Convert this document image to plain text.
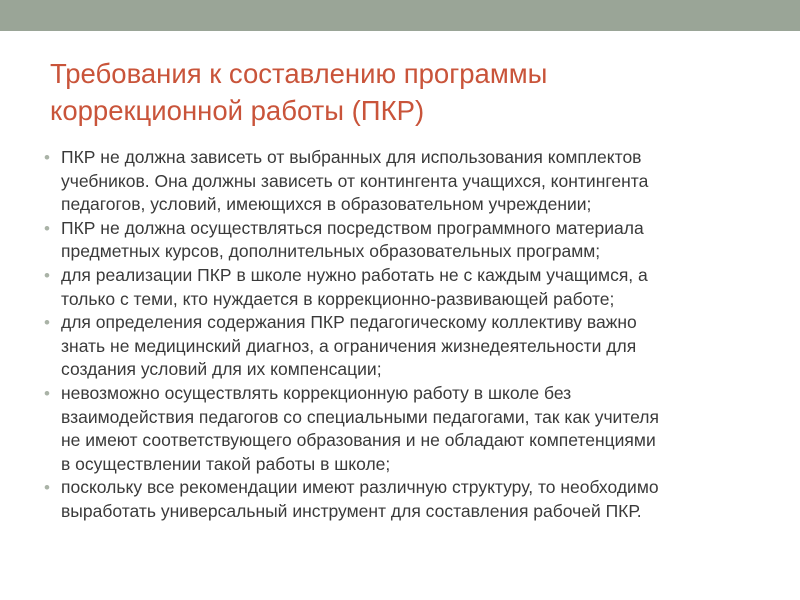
Требования к составлению программы
коррекционной работы (ПКР)
• ПКР не должна зависеть от выбранных для использования комплектов
учебников. Она должны зависеть от контингента учащихся, контингента
педагогов, условий, имеющихся в образовательном учреждении;
• ПКР не должна осуществляться посредством программного материала
предметных курсов, дополнительных образовательных программ;
• для реализации ПКР в школе нужно работать не с каждым учащимся, а
только с теми, кто нуждается в коррекционно-развивающей работе;
• для определения содержания ПКР педагогическому коллективу важно
знать не медицинский диагноз, а ограничения жизнедеятельности для
создания условий для их компенсации;
• невозможно осуществлять коррекционную работу в школе без
взаимодействия педагогов со специальными педагогами, так как учителя
не имеют соответствующего образования и не обладают компетенциями
в осуществлении такой работы в школе;
• поскольку все рекомендации имеют различную структуру, то необходимо
выработать универсальный инструмент для составления рабочей ПКР.
